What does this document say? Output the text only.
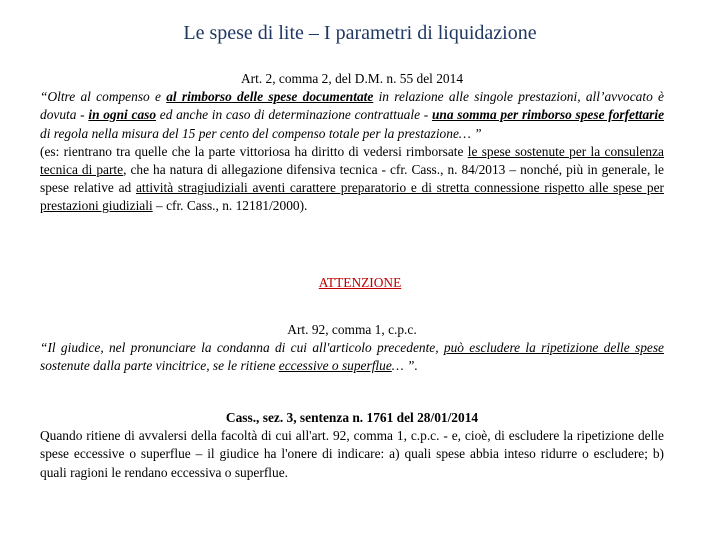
Le spese di lite – I parametri di liquidazione
Art. 2, comma 2, del D.M. n. 55 del 2014
“Oltre al compenso e al rimborso delle spese documentate in relazione alle singole prestazioni, all’avvocato è dovuta - in ogni caso ed anche in caso di determinazione contrattuale - una somma per rimborso spese forfettarie di regola nella misura del 15 per cento del compenso totale per la prestazione… ”
(es: rientrano tra quelle che la parte vittoriosa ha diritto di vedersi rimborsate le spese sostenute per la consulenza tecnica di parte, che ha natura di allegazione difensiva tecnica - cfr. Cass., n. 84/2013 – nonché, più in generale, le spese relative ad attività stragiudiziali aventi carattere preparatorio e di stretta connessione rispetto alle spese per prestazioni giudiziali – cfr. Cass., n. 12181/2000).
ATTENZIONE
Art. 92, comma 1, c.p.c.
“Il giudice, nel pronunciare la condanna di cui all'articolo precedente, può escludere la ripetizione delle spese sostenute dalla parte vincitrice, se le ritiene eccessive o superflue… ”.
Cass., sez. 3, sentenza n. 1761 del 28/01/2014
Quando ritiene di avvalersi della facoltà di cui all'art. 92, comma 1, c.p.c. - e, cioè, di escludere la ripetizione delle spese eccessive o superflue – il giudice ha l'onere di indicare: a) quali spese abbia inteso ridurre o escludere; b) quali ragioni le rendano eccessiva o superflue.
